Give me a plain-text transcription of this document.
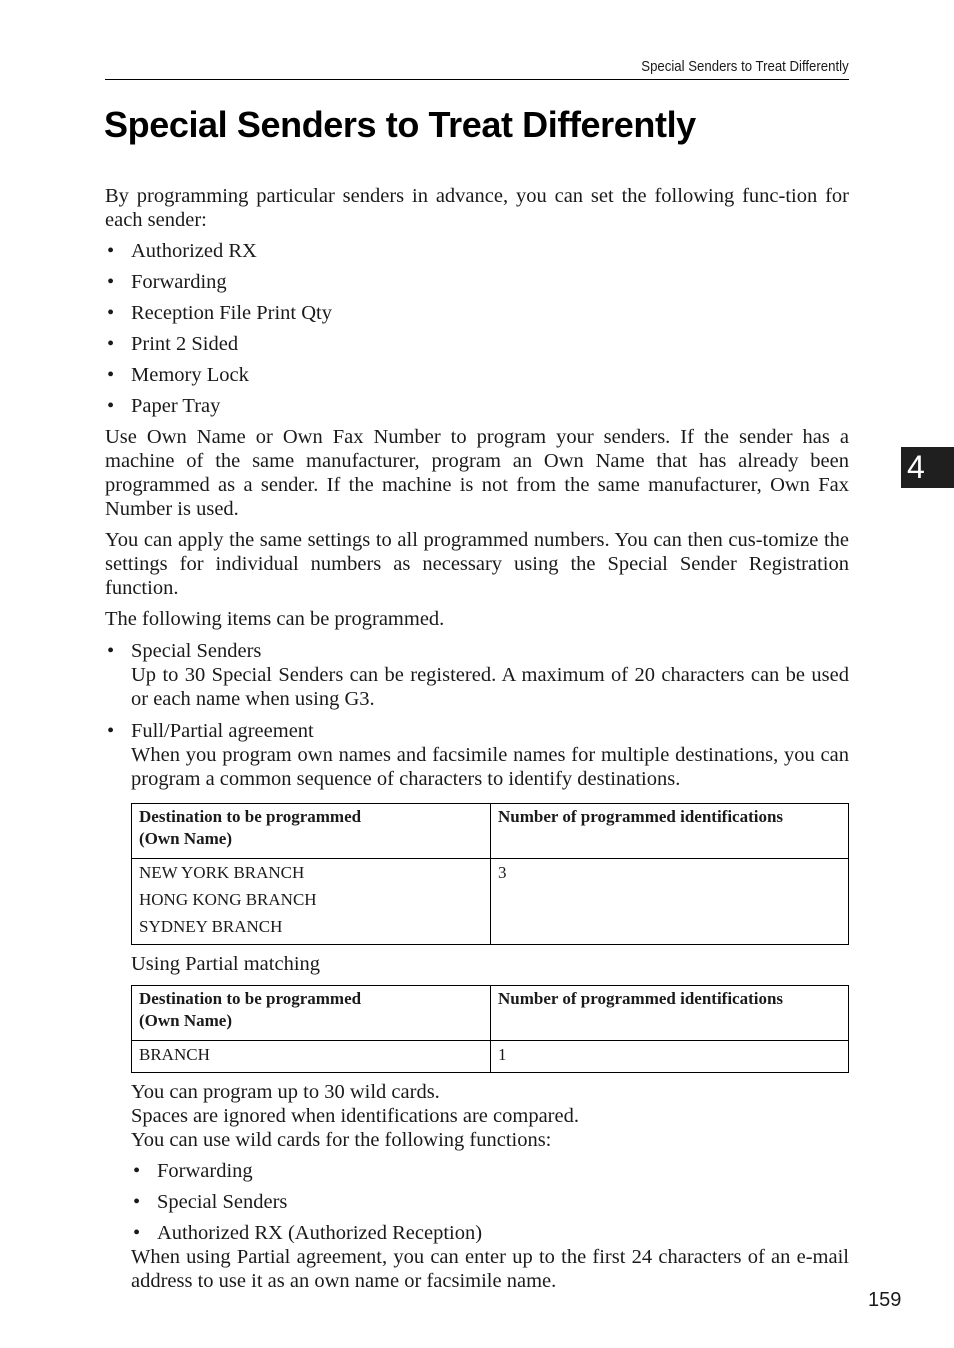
Special Senders to Treat Differently
Special Senders to Treat Differently
4

By programming particular senders in advance, you can set the following func-tion for each sender:

• Authorized RX
• Forwarding
• Reception File Print Qty
• Print 2 Sided
• Memory Lock
• Paper Tray

Use Own Name or Own Fax Number to program your senders. If the sender has a machine of the same manufacturer, program an Own Name that has already been programmed as a sender. If the machine is not from the same manufacturer, Own Fax Number is used.

You can apply the same settings to all programmed numbers. You can then cus-tomize the settings for individual numbers as necessary using the Special Sender Registration function.

The following items can be programmed.

• Special Senders
Up to 30 Special Senders can be registered. A maximum of 20 characters can be used or each name when using G3.
• Full/Partial agreement
When you program own names and facsimile names for multiple destinations, you can program a common sequence of characters to identify destinations.
Destination to be programmed
(Own Name)	Number of programmed identifications

NEW YORK BRANCH
HONG KONG BRANCH
SYDNEY BRANCH	3
Using Partial matching
Destination to be programmed
(Own Name)	Number of programmed identifications

BRANCH	1
You can program up to 30 wild cards.
Spaces are ignored when identifications are compared.
You can use wild cards for the following functions:
• Forwarding
• Special Senders
• Authorized RX (Authorized Reception)

When using Partial agreement, you can enter up to the first 24 characters of an e-mail address to use it as an own name or facsimile name.

159
